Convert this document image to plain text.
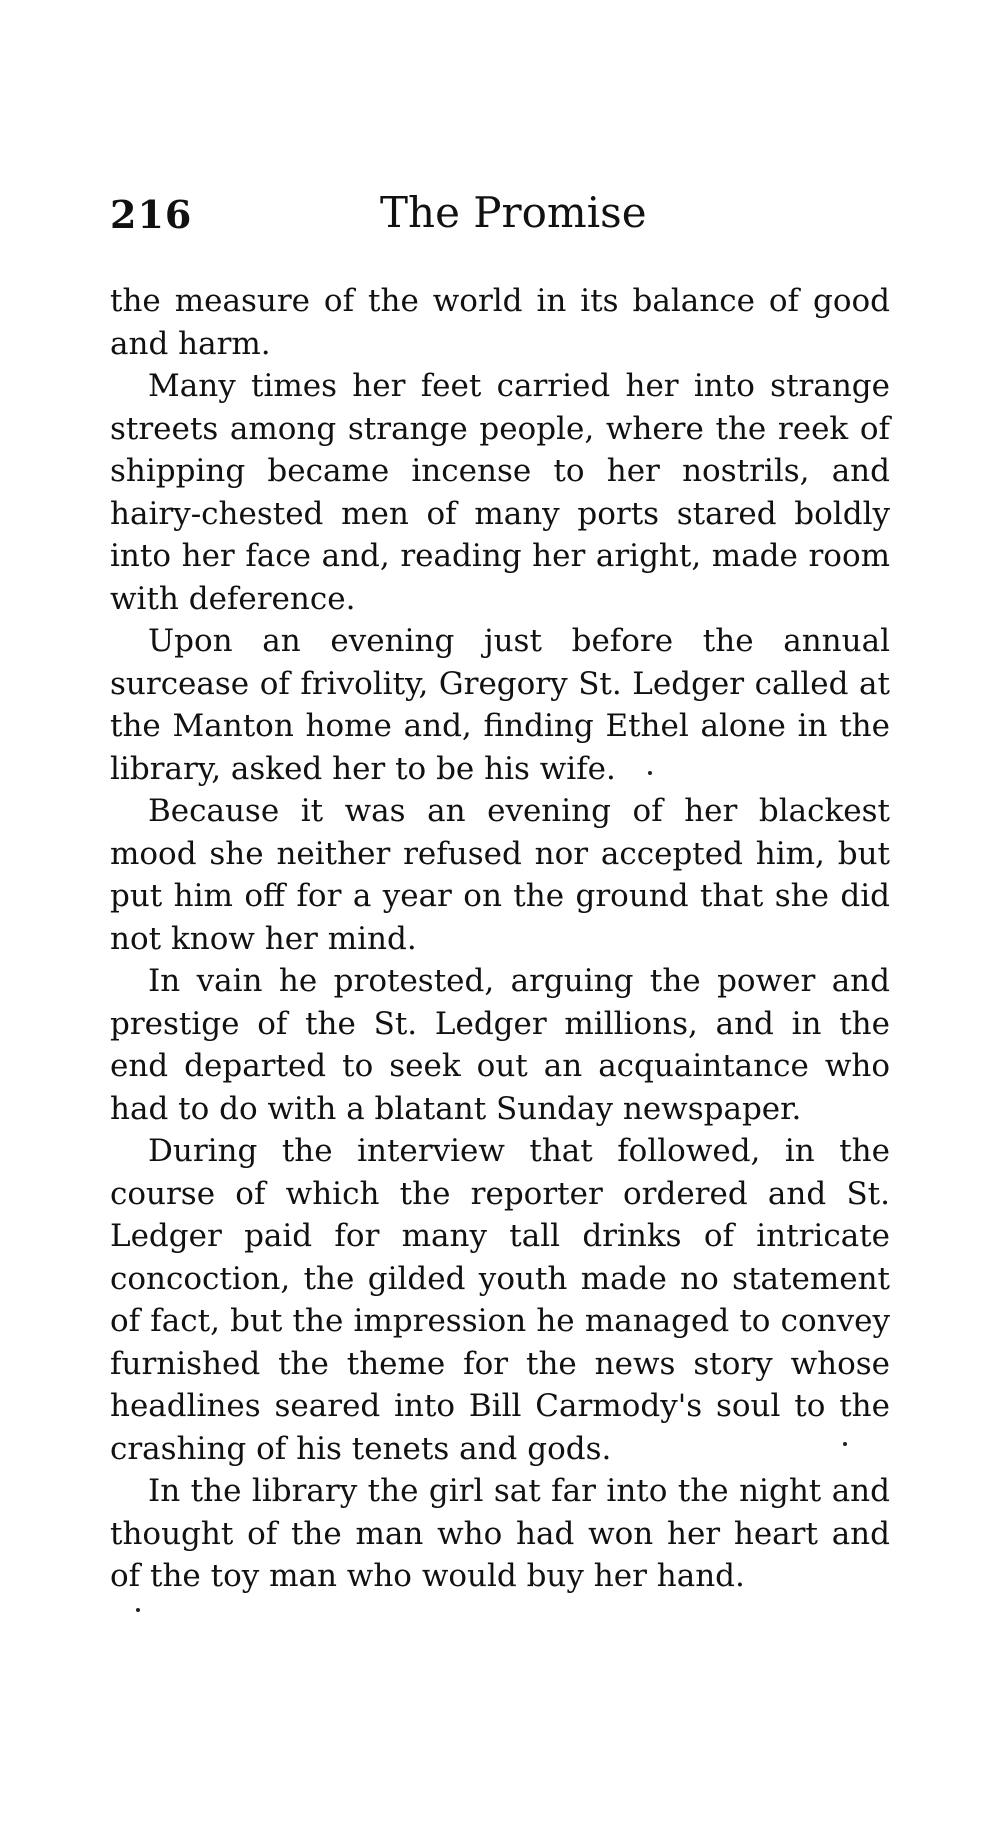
216	The Promise

the measure of the world in its balance of good and harm.

Many times her feet carried her into strange streets among strange people, where the reek of shipping became incense to her nostrils, and hairy-chested men of many ports stared boldly into her face and, reading her aright, made room with deference.

Upon an evening just before the annual surcease of frivolity, Gregory St. Ledger called at the Manton home and, finding Ethel alone in the library, asked her to be his wife.

Because it was an evening of her blackest mood she neither refused nor accepted him, but put him off for a year on the ground that she did not know her mind.

In vain he protested, arguing the power and prestige of the St. Ledger millions, and in the end departed to seek out an acquaintance who had to do with a blatant Sunday newspaper.

During the interview that followed, in the course of which the reporter ordered and St. Ledger paid for many tall drinks of intricate concoction, the gilded youth made no statement of fact, but the impression he managed to convey furnished the theme for the news story whose headlines seared into Bill Carmody's soul to the crashing of his tenets and gods.

In the library the girl sat far into the night and thought of the man who had won her heart and of the toy man who would buy her hand.
